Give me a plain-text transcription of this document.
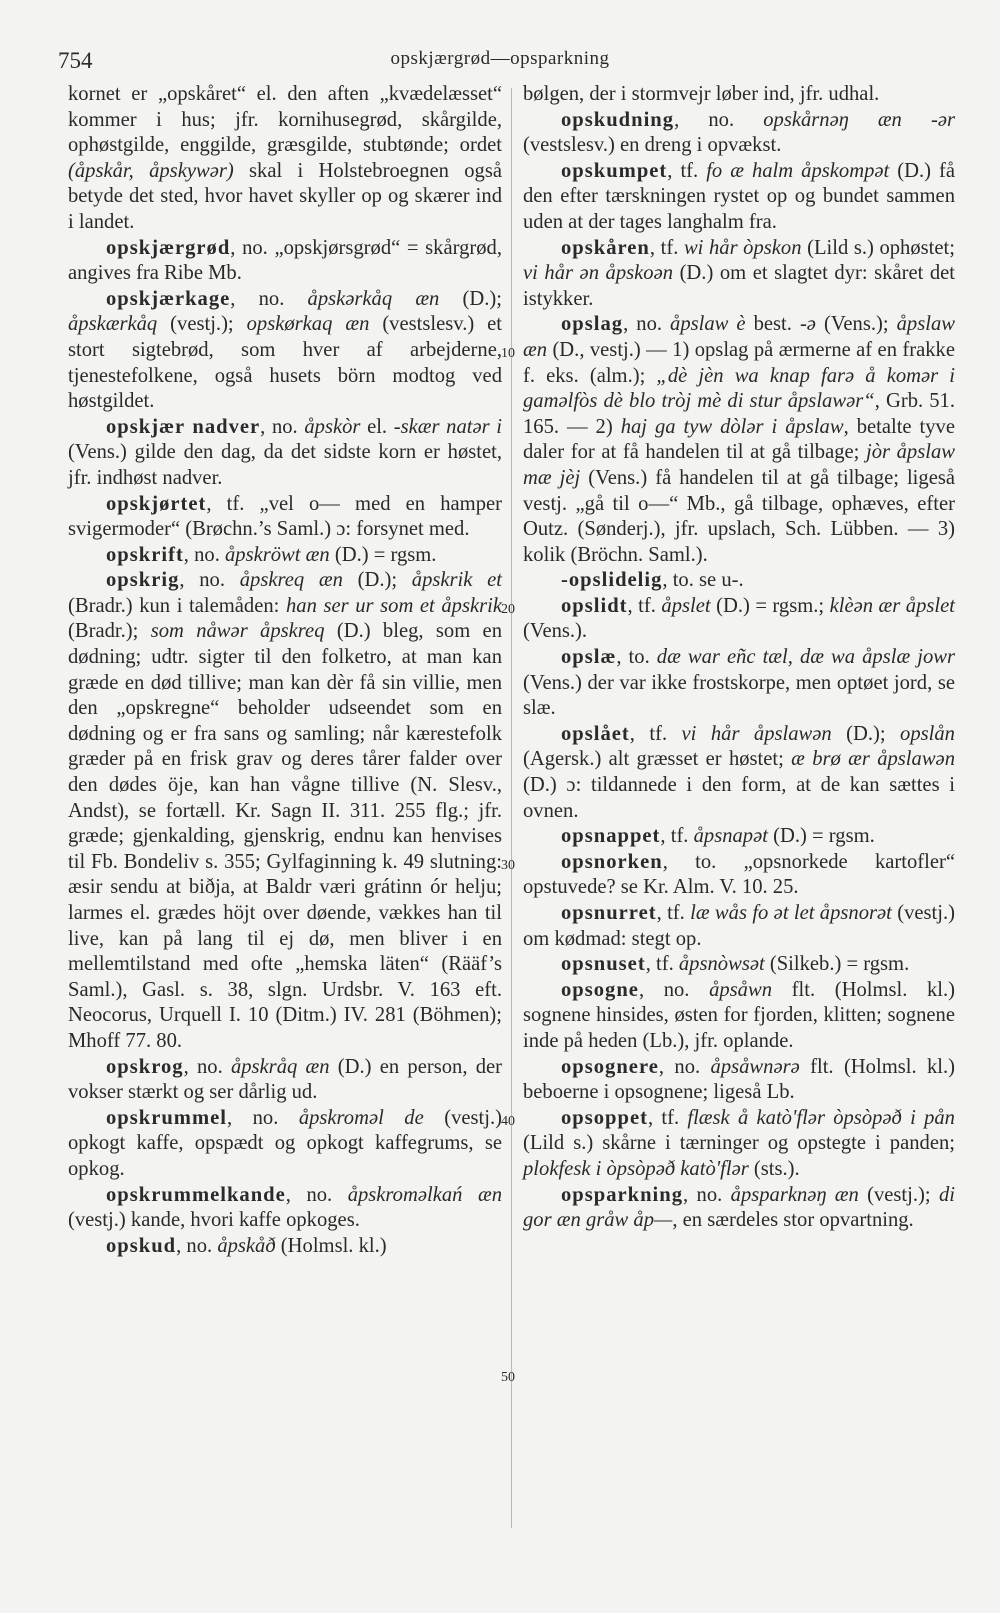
754	opskjærgrød—opsparkning
10
20
30
40
50

kornet er „opskåret“ el. den aften „kvædelæsset“ kommer i hus; jfr. kornihusegrød, skårgilde, ophøstgilde, enggilde, græsgilde, stubtønde; ordet (åpskår, åpskywər) skal i Holstebroegnen også betyde det sted, hvor havet skyller op og skærer ind i landet.

opskjærgrød, no. „opskjørsgrød“ = skårgrød, angives fra Ribe Mb.

opskjærkage, no. åpskərkåq æn (D.); åpskærkåq (vestj.); opskørkaq æn (vestslesv.) et stort sigtebrød, som hver af arbejderne, tjenestefolkene, også husets börn modtog ved høstgildet.

opskjær nadver, no. åpskòr el. -skær natər i (Vens.) gilde den dag, da det sidste korn er høstet, jfr. indhøst nadver.

opskjørtet, tf. „vel o— med en hamper svigermoder“ (Brøchn.’s Saml.) ɔ: forsynet med.

opskrift, no. åpskröwt æn (D.) = rgsm.

opskrig, no. åpskreq æn (D.); åpskrik et (Bradr.) kun i talemåden: han ser ur som et åpskrik (Bradr.); som nåwər åpskreq (D.) bleg, som en dødning; udtr. sigter til den folketro, at man kan græde en død tillive; man kan dèr få sin villie, men den „opskregne“ beholder udseendet som en dødning og er fra sans og samling; når kærestefolk græder på en frisk grav og deres tårer falder over den dødes öje, kan han vågne tillive (N. Slesv., Andst), se fortæll. Kr. Sagn II. 311. 255 flg.; jfr. græde; gjenkalding, gjenskrig, endnu kan henvises til Fb. Bondeliv s. 355; Gylfaginning k. 49 slutning: æsir sendu at biðja, at Baldr væri grátinn ór helju; larmes el. grædes höjt over døende, vækkes han til live, kan på lang til ej dø, men bliver i en mellemtilstand med ofte „hemska läten“ (Rääf’s Saml.), Gasl. s. 38, slgn. Urdsbr. V. 163 eft. Neocorus, Urquell I. 10 (Ditm.) IV. 281 (Böhmen); Mhoff 77. 80.

opskrog, no. åpskråq æn (D.) en person, der vokser stærkt og ser dårlig ud.

opskrummel, no. åpskromәl de (vestj.) opkogt kaffe, opspædt og opkogt kaffegrums, se opkog.

opskrummelkande, no. åpskromәlkań æn (vestj.) kande, hvori kaffe opkoges.

opskud, no. åpskåð (Holmsl. kl.)

bølgen, der i stormvejr løber ind, jfr. udhal.

opskudning, no. opskårnəŋ æn -ər (vestslesv.) en dreng i opvækst.

opskumpet, tf. fo æ halm åpskompət (D.) få den efter tærskningen rystet op og bundet sammen uden at der tages langhalm fra.

opskåren, tf. wi hår òpskon (Lild s.) ophøstet; vi hår ən åpskoən (D.) om et slagtet dyr: skåret det istykker.

opslag, no. åpslaw è best. -ə (Vens.); åpslaw æn (D., vestj.) — 1) opslag på ærmerne af en frakke f. eks. (alm.); „dè jèn wa knap farə å komər i gamәlfòs dè blo tròj mè di stur åpslawər“, Grb. 51. 165. — 2) haj ga tyw dòlər i åpslaw, betalte tyve daler for at få handelen til at gå tilbage; jòr åpslaw mæ jèj (Vens.) få handelen til at gå tilbage; ligeså vestj. „gå til o—“ Mb., gå tilbage, ophæves, efter Outz. (Sønderj.), jfr. upslach, Sch. Lübben. — 3) kolik (Bröchn. Saml.).

-opslidelig, to. se u-.

opslidt, tf. åpslet (D.) = rgsm.; klèən ær åpslet (Vens.).

opslæ, to. dæ war eñc tæl, dæ wa åpslæ jowr (Vens.) der var ikke frostskorpe, men optøet jord, se slæ.

opslået, tf. vi hår åpslawən (D.); opslån (Agersk.) alt græsset er høstet; æ brø ær åpslawən (D.) ɔ: tildannede i den form, at de kan sættes i ovnen.

opsnappet, tf. åpsnapət (D.) = rgsm.

opsnorken, to. „opsnorkede kartofler“ opstuvede? se Kr. Alm. V. 10. 25.

opsnurret, tf. læ wås fo ət let åpsnorət (vestj.) om kødmad: stegt op.

opsnuset, tf. åpsnòwsət (Silkeb.) = rgsm.

opsogne, no. åpsåwn flt. (Holmsl. kl.) sognene hinsides, østen for fjorden, klitten; sognene inde på heden (Lb.), jfr. oplande.

opsognere, no. åpsåwnərə flt. (Holmsl. kl.) beboerne i opsognene; ligeså Lb.

opsoppet, tf. flæsk å katò'flər òpsòpəð i pån (Lild s.) skårne i tærninger og opstegte i panden; plokfesk i òpsòpəð katò'flər (sts.).

opsparkning, no. åpsparknəŋ æn (vestj.); di gor æn gråw åp—, en særdeles stor opvartning.
